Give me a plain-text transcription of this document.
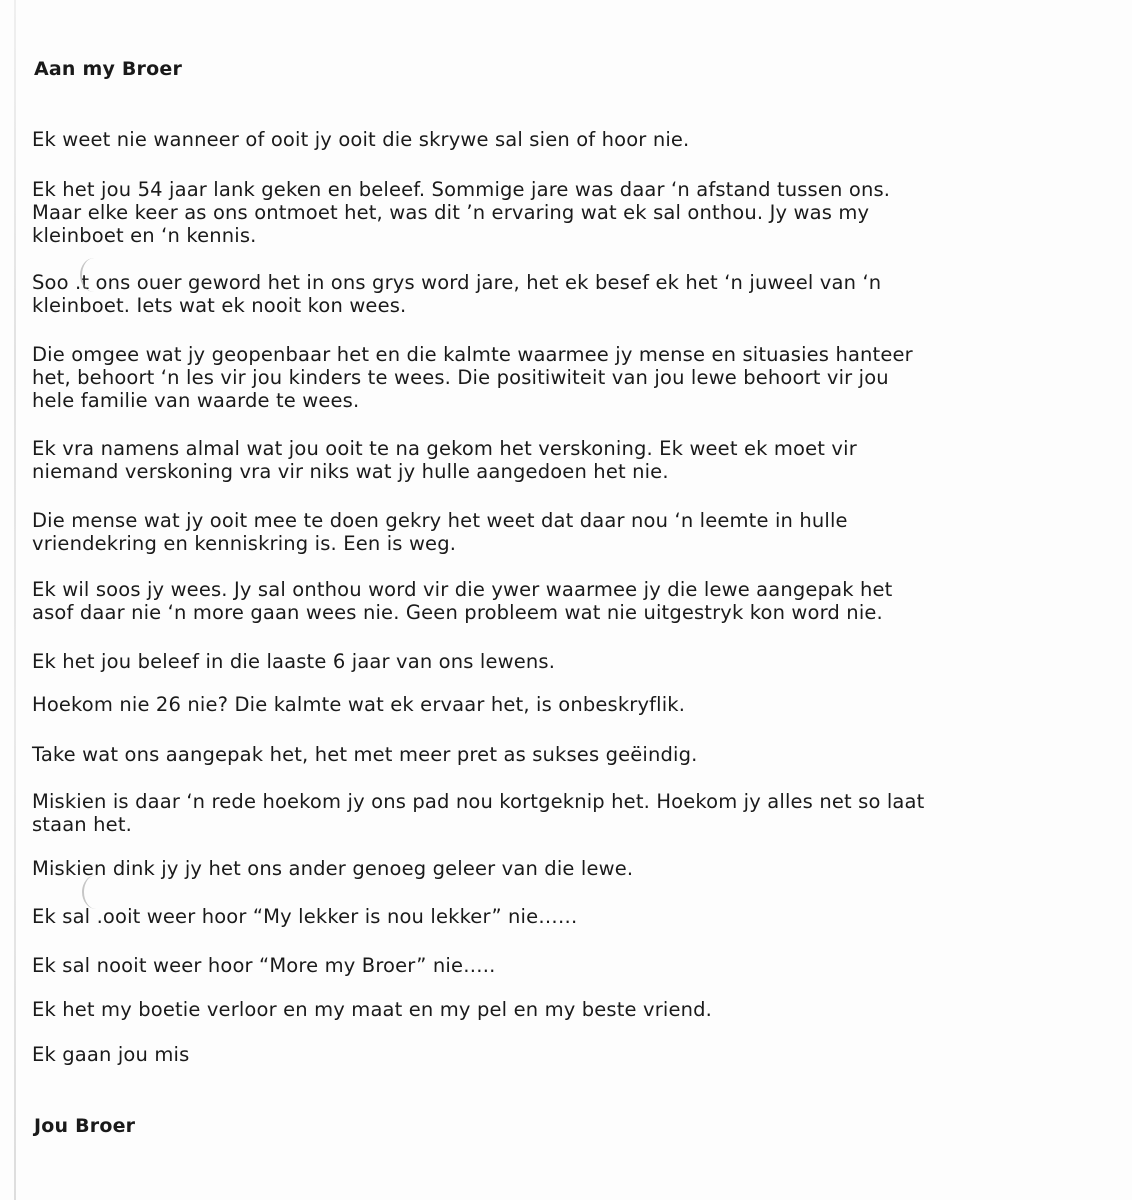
Aan my Broer
Ek weet nie wanneer of ooit jy ooit die skrywe sal sien of hoor nie.
Ek het jou 54 jaar lank geken en beleef. Sommige jare was daar ‘n afstand tussen ons.
Maar elke keer as ons ontmoet het, was dit ’n ervaring wat ek sal onthou. Jy was my
kleinboet en ‘n kennis.
Soo .t ons ouer geword het in ons grys word jare, het ek besef ek het ‘n juweel van ‘n
kleinboet. Iets wat ek nooit kon wees.
Die omgee wat jy geopenbaar het en die kalmte waarmee jy mense en situasies hanteer
het, behoort ‘n les vir jou kinders te wees. Die positiwiteit van jou lewe behoort vir jou
hele familie van waarde te wees.
Ek vra namens almal wat jou ooit te na gekom het verskoning. Ek weet ek moet vir
niemand verskoning vra vir niks wat jy hulle aangedoen het nie.
Die mense wat jy ooit mee te doen gekry het weet dat daar nou ‘n leemte in hulle
vriendekring en kenniskring is. Een is weg.
Ek wil soos jy wees. Jy sal onthou word vir die ywer waarmee jy die lewe aangepak het
asof daar nie ‘n more gaan wees nie. Geen probleem wat nie uitgestryk kon word nie.
Ek het jou beleef in die laaste 6 jaar van ons lewens.
Hoekom nie 26 nie? Die kalmte wat ek ervaar het, is onbeskryflik.
Take wat ons aangepak het, het met meer pret as sukses geëindig.
Miskien is daar ‘n rede hoekom jy ons pad nou kortgeknip het. Hoekom jy alles net so laat
staan het.
Miskien dink jy jy het ons ander genoeg geleer van die lewe.
Ek sal .ooit weer hoor “My lekker is nou lekker” nie……
Ek sal nooit weer hoor “More my Broer” nie…..
Ek het my boetie verloor en my maat en my pel en my beste vriend.
Ek gaan jou mis
Jou Broer
